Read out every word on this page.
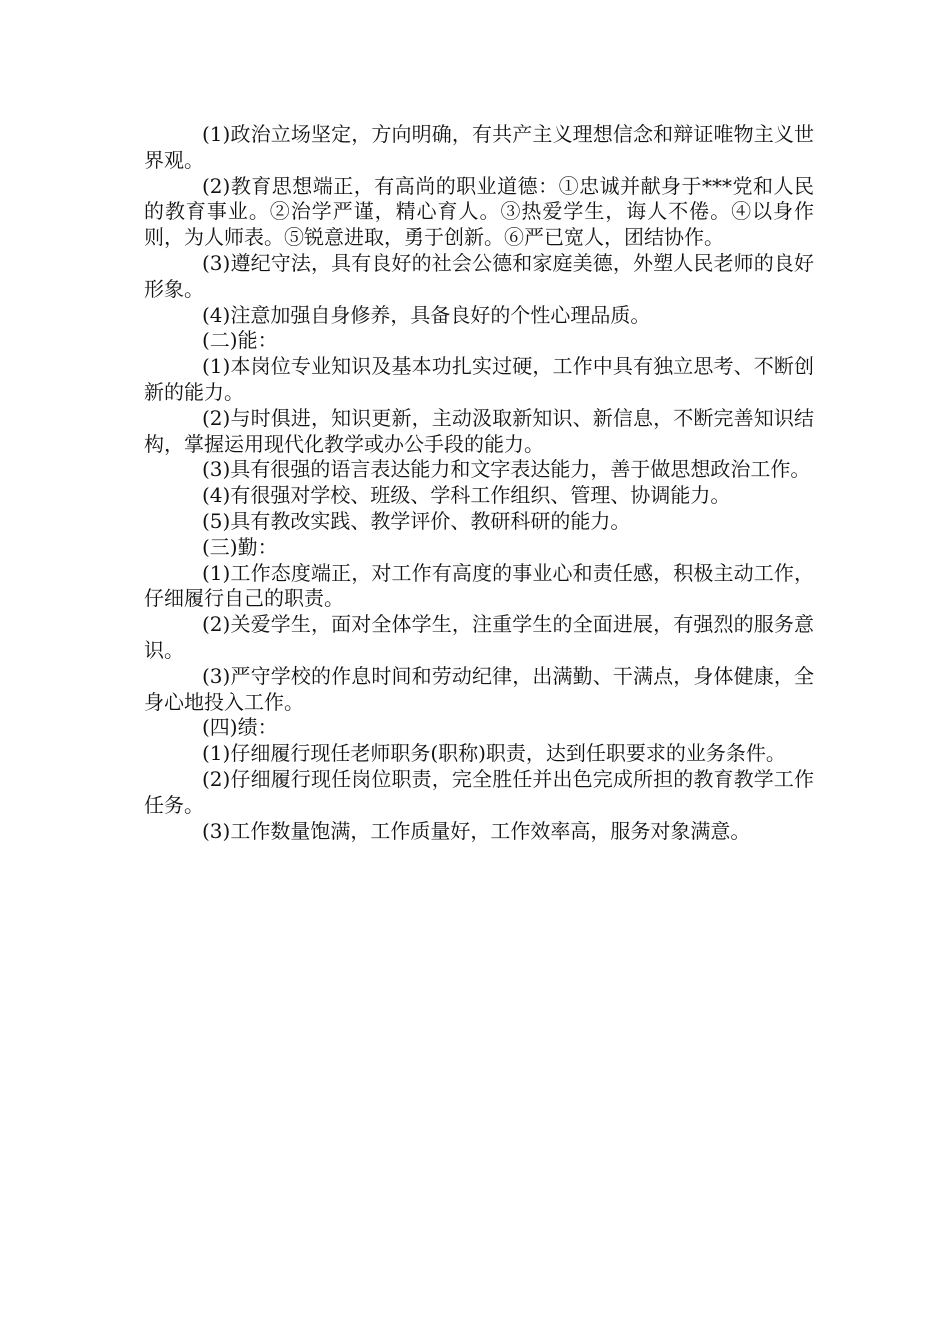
(1)政治立场坚定，方向明确，有共产主义理想信念和辩证唯物主义世界观。

(2)教育思想端正，有高尚的职业道德：①忠诚并献身于***党和人民的教育事业。②治学严谨，精心育人。③热爱学生，诲人不倦。④以身作则，为人师表。⑤锐意进取，勇于创新。⑥严已宽人，团结协作。

(3)遵纪守法，具有良好的社会公德和家庭美德，外塑人民老师的良好形象。

(4)注意加强自身修养，具备良好的个性心理品质。

(二)能：

(1)本岗位专业知识及基本功扎实过硬，工作中具有独立思考、不断创新的能力。

(2)与时俱进，知识更新，主动汲取新知识、新信息，不断完善知识结构，掌握运用现代化教学或办公手段的能力。

(3)具有很强的语言表达能力和文字表达能力，善于做思想政治工作。

(4)有很强对学校、班级、学科工作组织、管理、协调能力。

(5)具有教改实践、教学评价、教研科研的能力。

(三)勤：

(1)工作态度端正，对工作有高度的事业心和责任感，积极主动工作，仔细履行自己的职责。

(2)关爱学生，面对全体学生，注重学生的全面进展，有强烈的服务意识。

(3)严守学校的作息时间和劳动纪律，出满勤、干满点，身体健康，全身心地投入工作。

(四)绩：

(1)仔细履行现任老师职务(职称)职责，达到任职要求的业务条件。

(2)仔细履行现任岗位职责，完全胜任并出色完成所担的教育教学工作任务。

(3)工作数量饱满，工作质量好，工作效率高，服务对象满意。
